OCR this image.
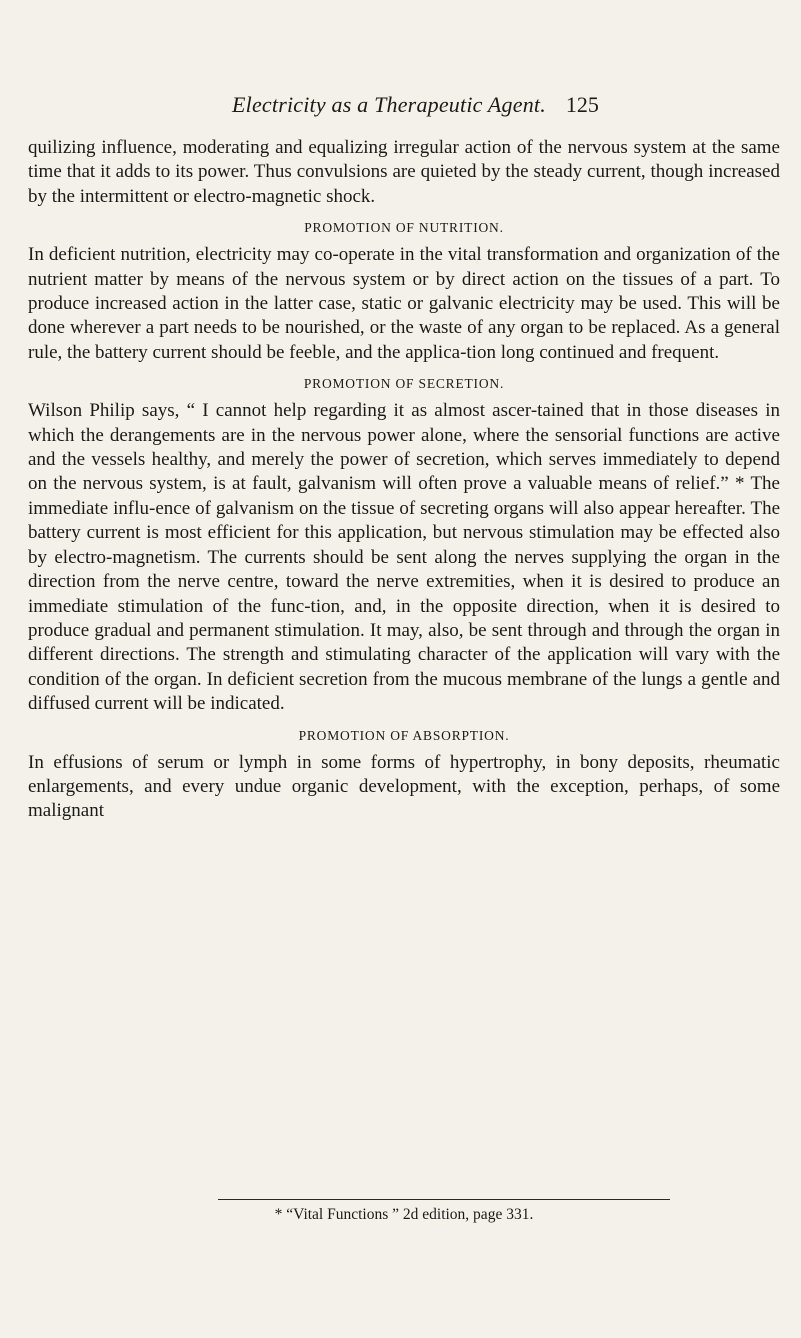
Electricity as a Therapeutic Agent. 125

quilizing influence, moderating and equalizing irregular action of the nervous system at the same time that it adds to its power. Thus convulsions are quieted by the steady current, though increased by the intermittent or electro-magnetic shock.

PROMOTION OF NUTRITION.

In deficient nutrition, electricity may co-operate in the vital transformation and organization of the nutrient matter by means of the nervous system or by direct action on the tissues of a part. To produce increased action in the latter case, static or galvanic electricity may be used. This will be done wherever a part needs to be nourished, or the waste of any organ to be replaced. As a general rule, the battery current should be feeble, and the applica-tion long continued and frequent.

PROMOTION OF SECRETION.

Wilson Philip says, “ I cannot help regarding it as almost ascer-tained that in those diseases in which the derangements are in the nervous power alone, where the sensorial functions are active and the vessels healthy, and merely the power of secretion, which serves immediately to depend on the nervous system, is at fault, galvanism will often prove a valuable means of relief.” * The immediate influ-ence of galvanism on the tissue of secreting organs will also appear hereafter. The battery current is most efficient for this application, but nervous stimulation may be effected also by electro-magnetism. The currents should be sent along the nerves supplying the organ in the direction from the nerve centre, toward the nerve extremities, when it is desired to produce an immediate stimulation of the func-tion, and, in the opposite direction, when it is desired to produce gradual and permanent stimulation. It may, also, be sent through and through the organ in different directions. The strength and stimulating character of the application will vary with the condition of the organ. In deficient secretion from the mucous membrane of the lungs a gentle and diffused current will be indicated.

PROMOTION OF ABSORPTION.

In effusions of serum or lymph in some forms of hypertrophy, in bony deposits, rheumatic enlargements, and every undue organic development, with the exception, perhaps, of some malignant

* “Vital Functions ” 2d edition, page 331.
